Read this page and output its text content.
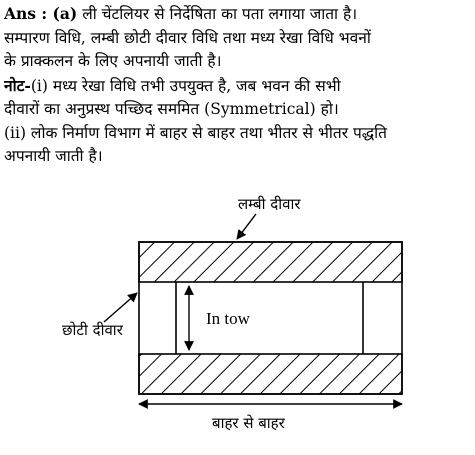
Ans : (a) ली चेंटलियर से निर्देषिता का पता लगाया जाता है।
सम्पारण विधि, लम्बी छोटी दीवार विधि तथा मध्य रेखा विधि भवनों
के प्राक्कलन के लिए अपनायी जाती है।
नोट-(i) मध्य रेखा विधि तभी उपयुक्त है, जब भवन की सभी
दीवारों का अनुप्रस्थ पच्छिद सममित (Symmetrical) हो।
(ii) लोक निर्माण विभाग में बाहर से बाहर तथा भीतर से भीतर पद्धति
अपनायी जाती है।
In tow
लम्बी दीवार
छोटी दीवार
बाहर से बाहर
